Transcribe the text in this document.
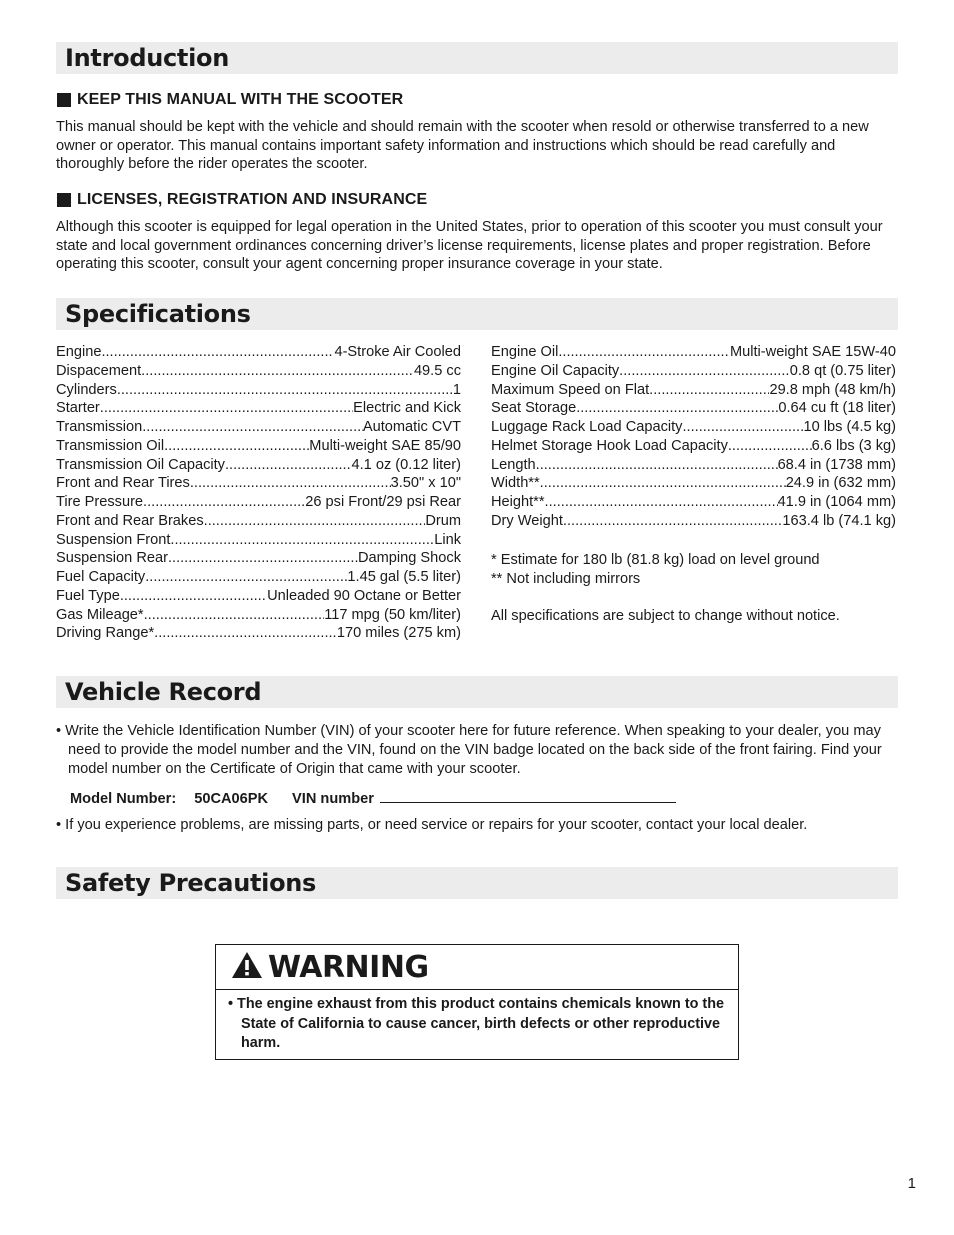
Introduction
KEEP THIS MANUAL WITH THE SCOOTER

This manual should be kept with the vehicle and should remain with the scooter when resold or otherwise transferred to a new owner or operator. This manual contains important safety information and instructions which should be read carefully and thoroughly before the rider operates the scooter.

LICENSES, REGISTRATION AND INSURANCE

Although this scooter is equipped for legal operation in the United States, prior to operation of this scooter you must consult your state and local government ordinances concerning driver’s license requirements, license plates and proper registration. Before operating this scooter, consult your agent concerning proper insurance coverage in your state.

Specifications
Engine .....	4-Stroke Air Cooled
Dispacement .....	49.5 cc
Cylinders .....	1
Starter .....	Electric and Kick
Transmission .....	Automatic CVT
Transmission Oil .....	Multi-weight SAE 85/90
Transmission Oil Capacity .....	4.1 oz (0.12 liter)
Front and Rear Tires .....	3.50" x 10"
Tire Pressure .....	26 psi Front/29 psi Rear
Front and Rear Brakes .....	Drum
Suspension Front .....	Link
Suspension Rear .....	Damping Shock
Fuel Capacity .....	1.45 gal (5.5 liter)
Fuel Type .....	Unleaded 90 Octane or Better
Gas Mileage* .....	117 mpg (50 km/liter)
Driving Range* .....	170 miles (275 km)
Engine Oil .....	Multi-weight SAE 15W-40
Engine Oil Capacity .....	0.8 qt (0.75 liter)
Maximum Speed on Flat .....	29.8 mph (48 km/h)
Seat Storage .....	0.64 cu ft (18 liter)
Luggage Rack Load Capacity .....	10 lbs (4.5 kg)
Helmet Storage Hook Load Capacity .....	6.6 lbs (3 kg)
Length .....	68.4 in (1738 mm)
Width** .....	24.9 in (632 mm)
Height** .....	41.9 in (1064 mm)
Dry Weight .....	163.4 lb (74.1 kg)

* Estimate for 180 lb (81.8 kg) load on level ground

** Not including mirrors

All specifications are subject to change without notice.

Vehicle Record

• Write the Vehicle Identification Number (VIN) of your scooter here for future reference. When speaking to your dealer, you may need to provide the model number and the VIN, found on the VIN badge located on the back side of the front fairing. Find your model number on the Certificate of Origin that came with your scooter.

Model Number: 50CA06PK VIN number

• If you experience problems, are missing parts, or need service or repairs for your scooter, contact your local dealer.

Safety Precautions
WARNING

• The engine exhaust from this product contains chemicals known to the State of California to cause cancer, birth defects or other reproductive harm.

1
